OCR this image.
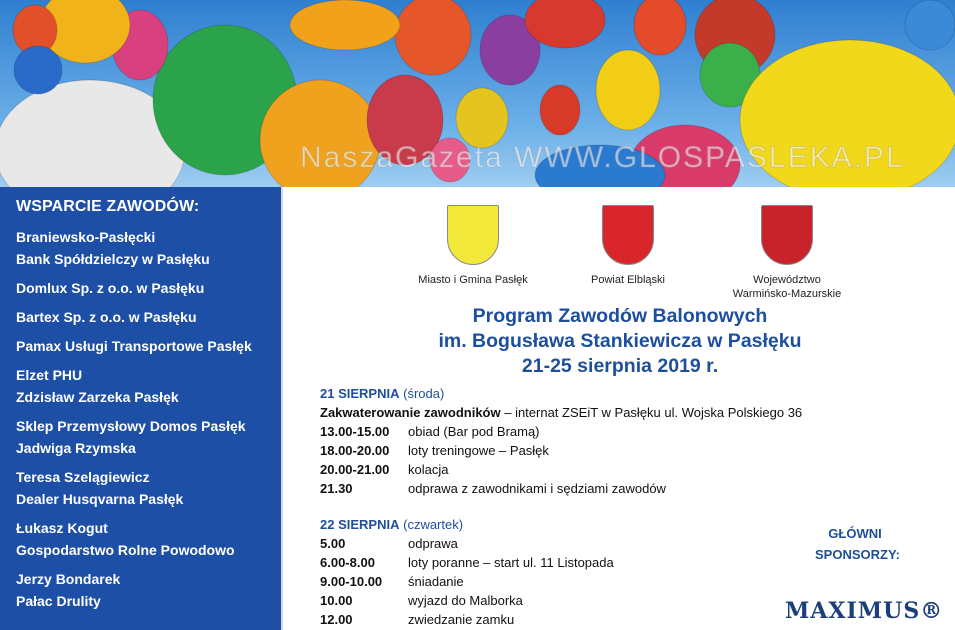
WSPARCIE ZAWODÓW:
Braniewsko-Pasłęcki
Bank Spółdzielczy w Pasłęku
Domlux Sp. z o.o. w Pasłęku
Bartex Sp. z o.o. w Pasłęku
Pamax Usługi Transportowe Pasłęk
Elzet PHU
Zdzisław Zarzeka Pasłęk
Sklep Przemysłowy Domos Pasłęk
Jadwiga Rzymska
Teresa Szelągiewicz
Dealer Husqvarna Pasłęk
Łukasz Kogut
Gospodarstwo Rolne Powodowo
Jerzy Bondarek
Pałac Drulity
Miasto i Gmina Pasłęk	Powiat Elbląski	Województwo
Warmińsko-Mazurskie
Program Zawodów Balonowych
im. Bogusława Stankiewicza w Pasłęku
21-25 sierpnia 2019 r.
21 SIERPNIA (środa)
Zakwaterowanie zawodników – internat ZSEiT w Pasłęku ul. Wojska Polskiego 36
13.00-15.00 obiad (Bar pod Bramą)
18.00-20.00 loty treningowe – Pasłęk
20.00-21.00 kolacja
21.30	odprawa z zawodnikami i sędziami zawodów
22 SIERPNIA (czwartek)
5.00	odprawa
6.00-8.00	loty poranne – start ul. 11 Listopada
9.00-10.00 śniadanie
10.00	wyjazd do Malborka
12.00	zwiedzanie zamku
GŁÓWNI
SPONSORZY:
MAXIMUS®
NaszaGazeta WWW.GLOSPASLEKA.PL
